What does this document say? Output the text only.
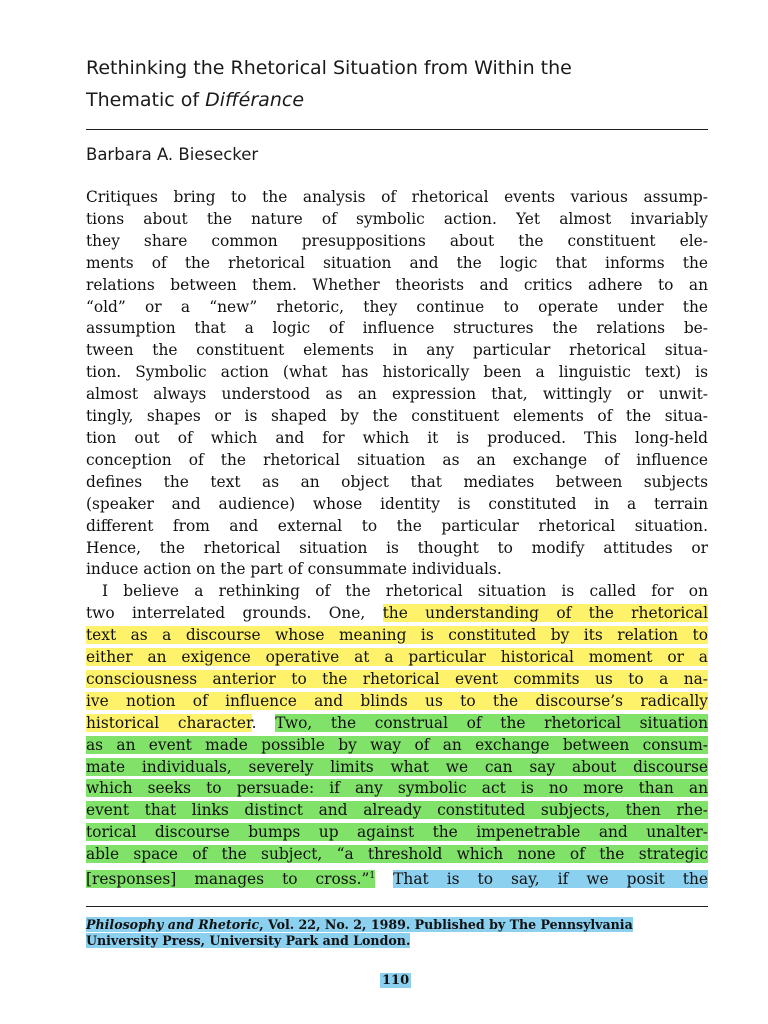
Rethinking the Rhetorical Situation from Within the
Thematic of Différance
Barbara A. Biesecker
Critiques bring to the analysis of rhetorical events various assump-
tions about the nature of symbolic action. Yet almost invariably
they share common presuppositions about the constituent ele-
ments of the rhetorical situation and the logic that informs the
relations between them. Whether theorists and critics adhere to an
“old” or a “new” rhetoric, they continue to operate under the
assumption that a logic of influence structures the relations be-
tween the constituent elements in any particular rhetorical situa-
tion. Symbolic action (what has historically been a linguistic text) is
almost always understood as an expression that, wittingly or unwit-
tingly, shapes or is shaped by the constituent elements of the situa-
tion out of which and for which it is produced. This long-held
conception of the rhetorical situation as an exchange of influence
defines the text as an object that mediates between subjects
(speaker and audience) whose identity is constituted in a terrain
different from and external to the particular rhetorical situation.
Hence, the rhetorical situation is thought to modify attitudes or
induce action on the part of consummate individuals.
I believe a rethinking of the rhetorical situation is called for on
two interrelated grounds. One, the understanding of the rhetorical
text as a discourse whose meaning is constituted by its relation to
either an exigence operative at a particular historical moment or a
consciousness anterior to the rhetorical event commits us to a na-
ive notion of influence and blinds us to the discourse’s radically
historical character. Two, the construal of the rhetorical situation
as an event made possible by way of an exchange between consum-
mate individuals, severely limits what we can say about discourse
which seeks to persuade: if any symbolic act is no more than an
event that links distinct and already constituted subjects, then rhe-
torical discourse bumps up against the impenetrable and unalter-
able space of the subject, “a threshold which none of the strategic
[responses] manages to cross.”$^1$ That is to say, if we posit the
Philosophy and Rhetoric, Vol. 22, No. 2, 1989. Published by The Pennsylvania
University Press, University Park and London.
110
